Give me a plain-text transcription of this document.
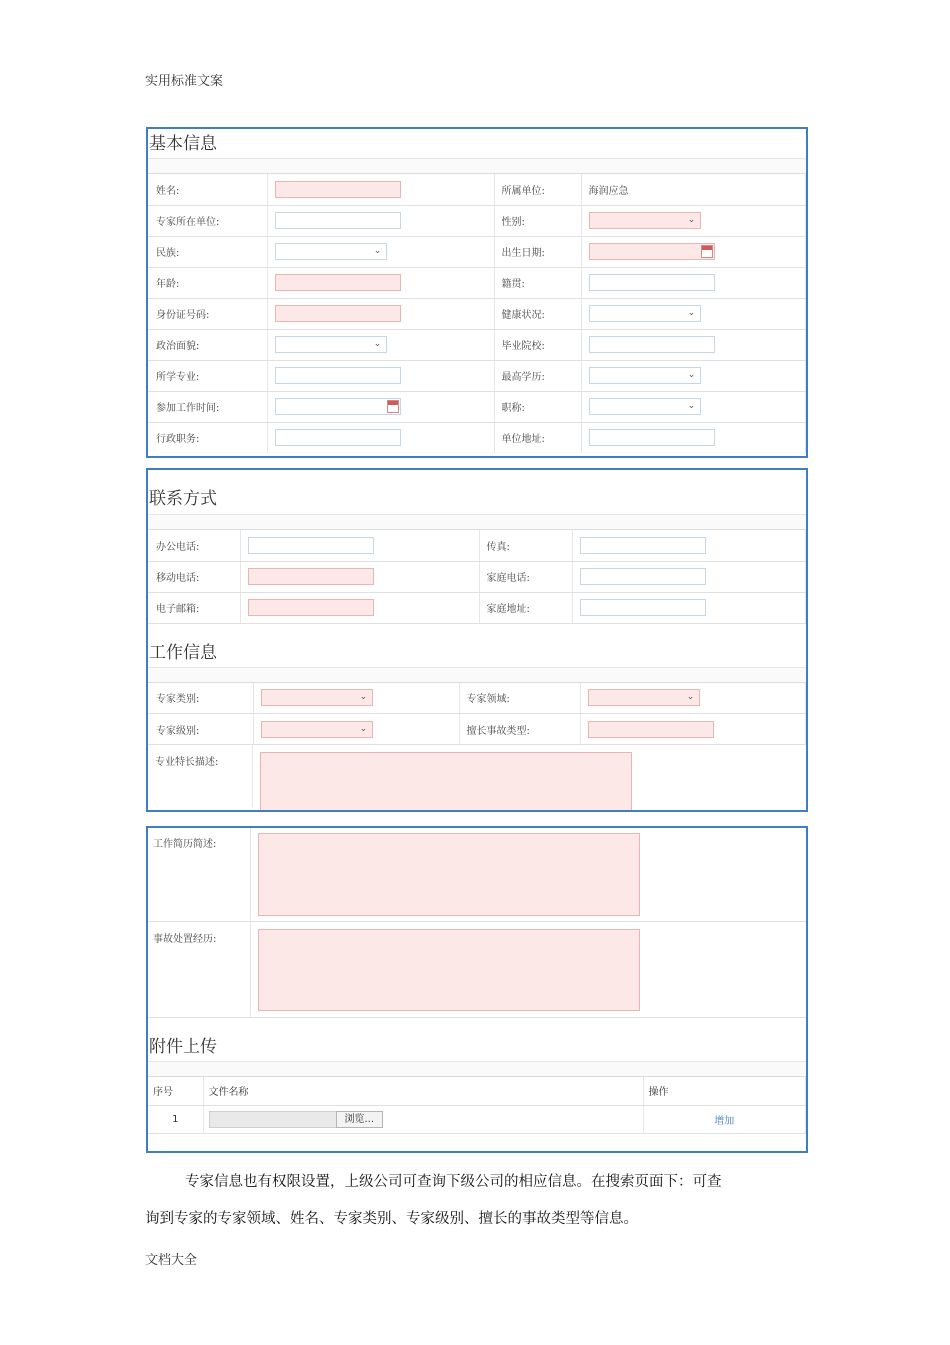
实用标准文案
基本信息
姓名:		所属单位:	海润应急
专家所在单位:		性别:	⌄

民族:	⌄	出生日期:	

年龄:		籍贯:	
身份证号码:		健康状况:	⌄

政治面貌:	⌄	毕业院校:	
所学专业:		最高学历:	⌄

参加工作时间:		职称:	⌄

行政职务:		单位地址:	
联系方式
办公电话:		传真:	
移动电话:		家庭电话:	
电子邮箱:		家庭地址:	
工作信息
专家类别:	⌄	专家领域:	⌄

专家级别:	⌄	擅长事故类型:	
专业特长描述:
工作简历简述:
事故处置经历:
附件上传
序号	文件名称	操作
1	浏览...	增加
专家信息也有权限设置，上级公司可查询下级公司的相应信息。在搜索页面下：可查
询到专家的专家领域、姓名、专家类别、专家级别、擅长的事故类型等信息。
文档大全
